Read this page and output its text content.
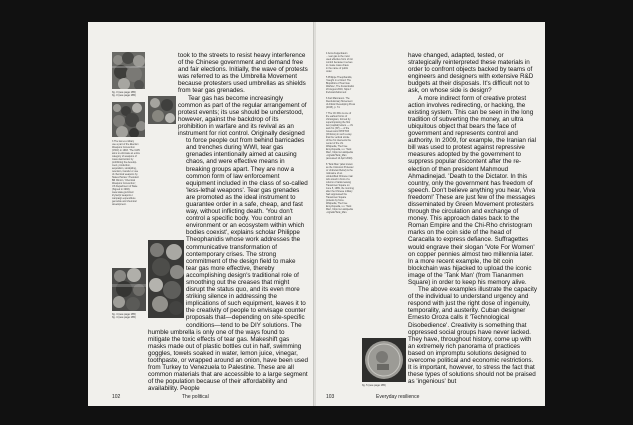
fig. 3 (see page 185)
fig. 3 (see page 185)
3 The last ex-military
use a part of the Ekerism
Weapons Convention
(CWC) in 1993. 'The CWC
aims to eliminate an entire
category of weapons of
mass destruction by
prohibiting the develop-
ment, production,
acquisition, stockpiling,
retention, transfer or use
of chemical weapons by
States Parties.' President
Bill Clinton, 'Chemical
Weapons Convention',
US Department of State
(Signed in 1993).
www.state.gov/t/avc/
trty/ac/pr.weapons.t
campaign expenditure
genocide and chemical
development.
fig. 4 (see page 185)
fig. 4 (see page 185)

took to the streets to resist heavy interference of the Chinese government and demand free and fair elections. Initially, the wave of protests was referred to as the Umbrella Movement because protesters used umbrellas as shields from tear gas grenades.

Tear gas has become increasingly common as part of the regular arrangement of protest events; its use should be understood, however, against the backdrop of its prohibition in warfare and its revival as an instrument for riot control. Originally designed to force people out from behind barricades and trenches during WWI, tear gas grenades intentionally aimed at causing chaos, and were effective means in breaking groups apart. They are now a common form of law enforcement equipment included in the class of so-called 'less-lethal weapons'. Tear gas grenades are promoted as the ideal instrument to guarantee order in a safe, cheap, and fast way, without inflicting death. 'You don't control a specific body. You control an environment or an ecosystem within which bodies coexist', explains scholar Philippe Theophanidis whose work addresses the communicative transformation of contemporary crises. The strong commitment of the design field to make tear gas more effective, thereby accomplishing design's traditional role of smoothing out the creases that might disrupt the status quo, and its even more striking silence in addressing the implications of such equipment, leaves it to the creativity of people to envisage counter proposals that—depending on site-specific conditions—tend to be DIY solutions. The humble umbrella is only one of the ways found to mitigate the toxic effects of tear gas. Makeshift gas masks made out of plastic bottles cut in half, swimming goggles, towels soaked in water, lemon juice, vinegar, toothpaste, or wrapped around an onion, have been used from Turkey to Venezuela to Palestine. These are all common materials that are accessible to a large segment of the population because of their affordability and availability. People

102	The political
4 Anna Feigenbaum
... tear gas is the most
used effective form of riot
control because it serves
to create mass chaos
in the name of public
order.

5 Philippe Theophanidis,
'Caught in a Cloud: The
Biopolitics of Tear Gas
Warfare', The Funambulist
20 August 2019, https://
thefunambulist.net/.

6 Karl Marx/anon. The
Revolutionary Movement
of Artistic Developing Press
(2015), p. 74.

7 The Chi Rho is one of
the earliest forms of
christogram, formed by
superimposing the first
two (capital) letters — chi
and rho (ΧΡ) — of the
Greek word ΧΡΙΣΤΟΣ
(Christos) in such a way
that the vertical stroke
of the rho intersects the
center of the chi.
Wikipedia, The Free
Encyclopedia, s.v. 'Tank
Man', https://en.wikipedia
.org/wiki/Tank_Man
(accessed 14 April 2020).

8 'Tank Man' (also known
as the Unknown Protester
or Unknown Rebel) is the
nickname of an
unidentified Chinese man
who stood in front of a
column of tanks leaving
Tiananmen Square on
June 5, 1989, the morning
after the Chinese military
had suppressed the
Tiananmen Square
protests by force.
Wikipedia, The Free
Encyclopedia, s.v. 'Tank
Man', https://en.wikipedia
.org/wiki/Tank_Man.
fig. 5 (see page 185)

have changed, adapted, tested, or strategically reinterpreted these materials in order to confront objects backed by teams of engineers and designers with extensive R&D budgets at their disposals. It's difficult not to ask, on whose side is design?

A more indirect form of creative protest action involves redirecting, or hacking, the existing system. This can be seen in the long tradition of subverting the money, an ultra ubiquitous object that bears the face of government and represents control and authority. In 2009, for example, the Iranian rial bill was used to protest against repressive measures adopted by the government to suppress popular discontent after the re-election of then president Mahmoud Ahmadinejad. 'Death to the Dictator. In this country, only the government has freedom of speech. Don't believe anything you hear, Viva freedom!' These are just few of the messages disseminated by Green Movement protesters through the circulation and exchange of money. This approach dates back to the Roman Empire and the Chi-Rho christogram marks on the coin side of the head of Caracalla to express defiance. Suffragettes would engrave their slogan 'Vote For Women' on copper pennies almost two millennia later. In a more recent example, the bit coin blockchain was hijacked to upload the iconic image of the 'Tank Man' (from Tiananmen Square) in order to keep his memory alive.

The above examples illustrate the capacity of the individual to understand urgency and respond with just the right dose of ingenuity, temporality, and austerity. Cuban designer Ernesto Oroza calls it 'Technological Disobedience'. Creativity is something that oppressed social groups have never lacked. They have, throughout history, come up with an extremely rich panorama of practices based on impromptu solutions designed to overcome political and economic restrictions. It is important, however, to stress the fact that these types of solutions should not be praised as 'ingenious' but

103	Everyday resilience
